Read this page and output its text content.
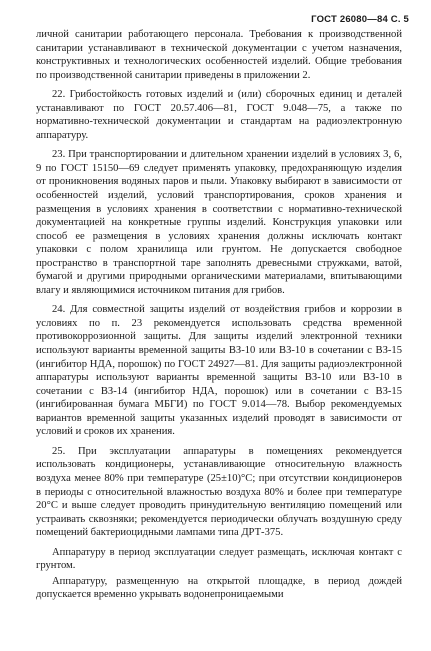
ГОСТ 26080—84 С. 5

личной санитарии работающего персонала. Требования к производственной санитарии устанавливают в технической документации с учетом назначения, конструктивных и технологических особенностей изделий. Общие требования по производственной санитарии приведены в приложении 2.

22. Грибостойкость готовых изделий и (или) сборочных единиц и деталей устанавливают по ГОСТ 20.57.406—81, ГОСТ 9.048—75, а также по нормативно-технической документации и стандартам на радиоэлектронную аппаратуру.

23. При транспортировании и длительном хранении изделий в условиях 3, 6, 9 по ГОСТ 15150—69 следует применять упаковку, предохраняющую изделия от проникновения водяных паров и пыли. Упаковку выбирают в зависимости от особенностей изделий, условий транспортирования, сроков хранения и размещения в условиях хранения в соответствии с нормативно-технической документацией на конкретные группы изделий. Конструкция упаковки или способ ее размещения в условиях хранения должны исключать контакт упаковки с полом хранилища или грунтом. Не допускается свободное пространство в транспортной таре заполнять древесными стружками, ватой, бумагой и другими природными органическими материалами, впитывающими влагу и являющимися источником питания для грибов.

24. Для совместной защиты изделий от воздействия грибов и коррозии в условиях по п. 23 рекомендуется использовать средства временной противокоррозионной защиты. Для защиты изделий электронной техники используют варианты временной защиты ВЗ-10 или ВЗ-10 в сочетании с ВЗ-15 (ингибитор НДА, порошок) по ГОСТ 24927—81. Для защиты радиоэлектронной аппаратуры используют варианты временной защиты ВЗ-10 или ВЗ-10 в сочетании с ВЗ-14 (ингибитор НДА, порошок) или в сочетании с ВЗ-15 (ингибированная бумага МБГИ) по ГОСТ 9.014—78. Выбор рекомендуемых вариантов временной защиты указанных изделий проводят в зависимости от условий и сроков их хранения.

25. При эксплуатации аппаратуры в помещениях рекомендуется использовать кондиционеры, устанавливающие относительную влажность воздуха менее 80% при температуре (25±10)°С; при отсутствии кондиционеров в периоды с относительной влажностью воздуха 80% и более при температуре 20°С и выше следует проводить принудительную вентиляцию помещений или устраивать сквозняки; рекомендуется периодически облучать воздушную среду помещений бактериоцидными лампами типа ДРТ-375.

Аппаратуру в период эксплуатации следует размещать, исключая контакт с грунтом.

Аппаратуру, размещенную на открытой площадке, в период дождей допускается временно укрывать водонепроницаемыми
